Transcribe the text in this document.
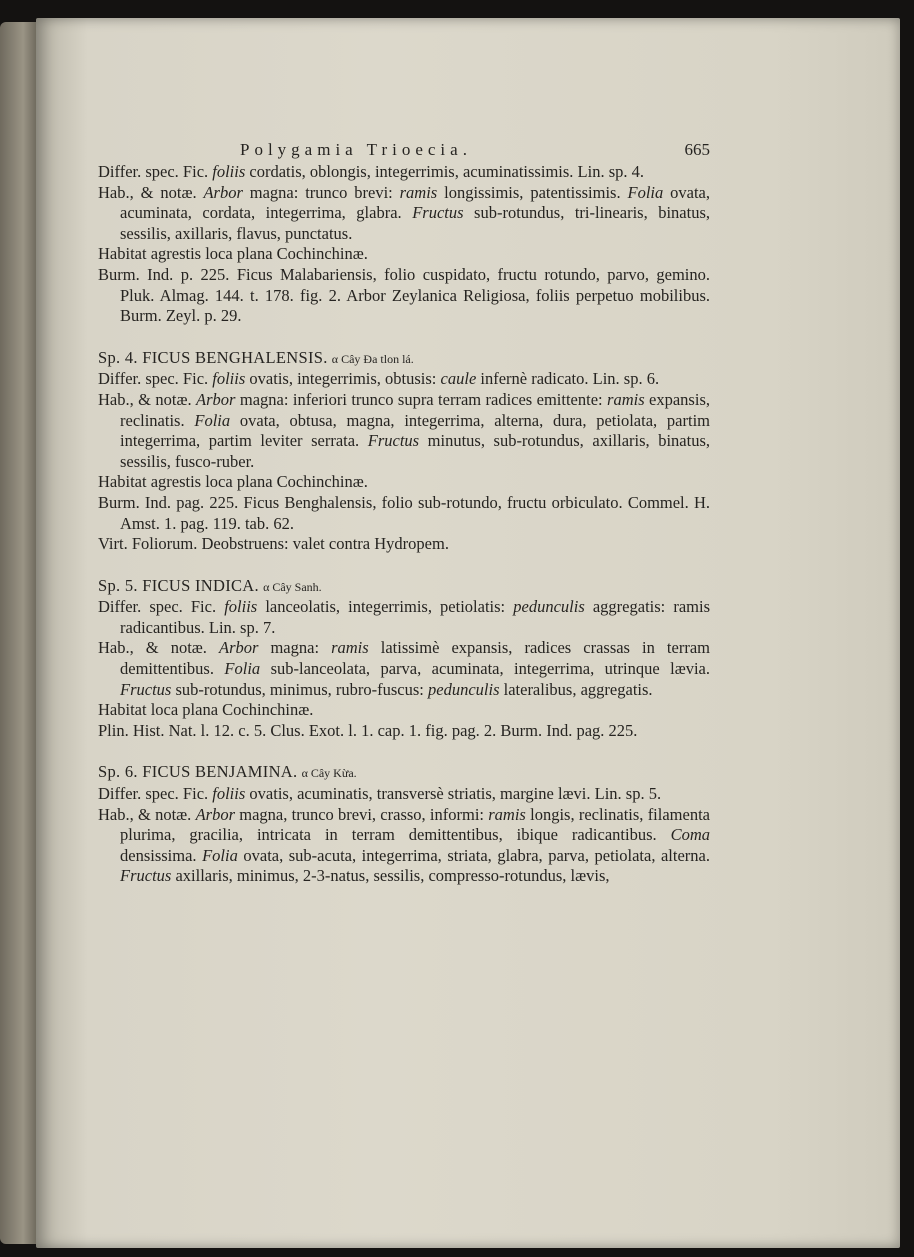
Polygamia Trioecia.	665
Differ. spec. Fic. foliis cordatis, oblongis, integerrimis, acuminatissimis. Lin. sp. 4.
Hab., & notæ. Arbor magna: trunco brevi: ramis longissimis, patentissimis. Folia ovata, acuminata, cordata, integerrima, glabra. Fructus sub-rotundus, tri-linearis, binatus, sessilis, axillaris, flavus, punctatus.
Habitat agrestis loca plana Cochinchinæ.
Burm. Ind. p. 225. Ficus Malabariensis, folio cuspidato, fructu rotundo, parvo, gemino. Pluk. Almag. 144. t. 178. fig. 2. Arbor Zeylanica Religiosa, foliis perpetuo mobilibus. Burm. Zeyl. p. 29.
Sp. 4. FICUS BENGHALENSIS. α Cây Đa tlon lá.
Differ. spec. Fic. foliis ovatis, integerrimis, obtusis: caule infernè radicato. Lin. sp. 6.
Hab., & notæ. Arbor magna: inferiori trunco supra terram radices emittente: ramis expansis, reclinatis. Folia ovata, obtusa, magna, integerrima, alterna, dura, petiolata, partim integerrima, partim leviter serrata. Fructus minutus, sub-rotundus, axillaris, binatus, sessilis, fusco-ruber.
Habitat agrestis loca plana Cochinchinæ.
Burm. Ind. pag. 225. Ficus Benghalensis, folio sub-rotundo, fructu orbiculato. Commel. H. Amst. 1. pag. 119. tab. 62.
Virt. Foliorum. Deobstruens: valet contra Hydropem.
Sp. 5. FICUS INDICA. α Cây Sanh.
Differ. spec. Fic. foliis lanceolatis, integerrimis, petiolatis: pedunculis aggregatis: ramis radicantibus. Lin. sp. 7.
Hab., & notæ. Arbor magna: ramis latissimè expansis, radices crassas in terram demittentibus. Folia sub-lanceolata, parva, acuminata, integerrima, utrinque lævia. Fructus sub-rotundus, minimus, rubro-fuscus: pedunculis lateralibus, aggregatis.
Habitat loca plana Cochinchinæ.
Plin. Hist. Nat. l. 12. c. 5. Clus. Exot. l. 1. cap. 1. fig. pag. 2. Burm. Ind. pag. 225.
Sp. 6. FICUS BENJAMINA. α Cây Kừa.
Differ. spec. Fic. foliis ovatis, acuminatis, transversè striatis, margine lævi. Lin. sp. 5.
Hab., & notæ. Arbor magna, trunco brevi, crasso, informi: ramis longis, reclinatis, filamenta plurima, gracilia, intricata in terram demittentibus, ibique radicantibus. Coma densissima. Folia ovata, sub-acuta, integerrima, striata, glabra, parva, petiolata, alterna. Fructus axillaris, minimus, 2-3-natus, sessilis, compresso-rotundus, lævis,
